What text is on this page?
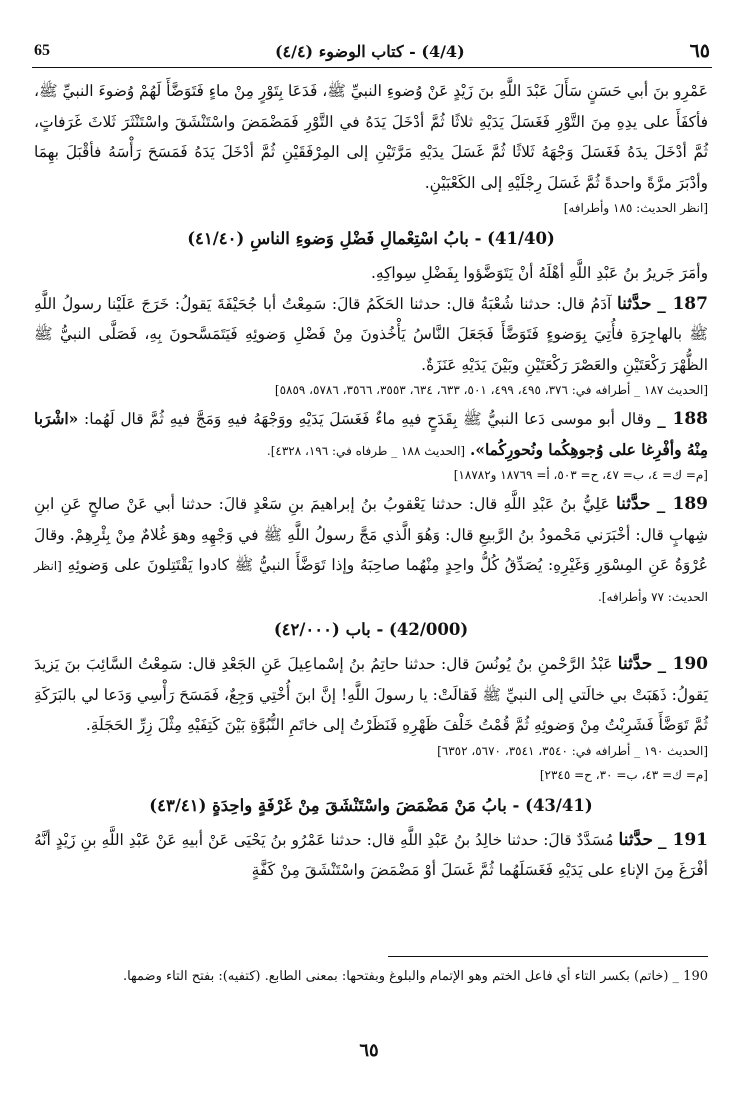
٦٥
(4/4) - كتاب الوضوء (٤/٤)
65

عَمْرِو بنَ أبي حَسَنٍ سَأَلَ عَبْدَ اللَّهِ بنَ زَيْدٍ عَنْ وُضوءِ النبيِّ ﷺ، فَدَعَا بِتَوْرٍ مِنْ ماءٍ فَتَوَضَّأَ لَهُمْ وُضوءَ النبيِّ ﷺ، فأكفَأَ على يدِهِ مِنَ التَّوْرِ فَغَسَلَ يَدَيْهِ ثلاثًا ثُمَّ أدْخَلَ يَدَهُ في التَّوْرِ فَمَضْمَضَ واسْتَنْشَقَ واسْتَنْثَرَ ثَلاثَ غَرَفاتٍ، ثُمَّ أدْخَلَ يدَهُ فَغَسَلَ وَجْهَهُ ثَلاثًا ثُمَّ غَسَلَ يدَيْهِ مَرَّتَيْنِ إلى المِرْفَقَيْنِ ثُمَّ أدْخَلَ يَدَهُ فَمَسَحَ رَأْسَهُ فأقْبَلَ بهِمَا وأدْبَرَ مرَّةً واحدةً ثُمَّ غَسَلَ رِجْلَيْهِ إلى الكَعْبَيْنِ.

[انظر الحديث: ١٨٥ وأطرافه]

(41/40) - بابُ اسْتِعْمالِ فَضْلِ وَضوءِ الناسِ (٤١/٤٠)

وأمَرَ جَريرُ بنُ عَبْدِ اللَّهِ أهْلَهُ أنْ يَتَوَضَّؤوا بِفَضْلِ سِواكِهِ.

187 _ حدَّثنا آدَمُ قال: حدثنا شُعْبَةُ قال: حدثنا الحَكَمُ قالَ: سَمِعْتُ أبا جُحَيْفَةَ يَقولُ: خَرَجَ عَلَيْنا رسولُ اللَّهِ ﷺ بالهاجِرَةِ فأُتِيَ بِوَضوءٍ فَتَوَضَّأَ فَجَعَلَ النَّاسُ يَأْخُذونَ مِنْ فَضْلِ وَضوئِهِ فَيَتَمَسَّحونَ بِهِ، فَصَلَّى النبيُّ ﷺ الظُّهْرَ رَكْعَتَيْنِ والعَصْرَ رَكْعَتَيْنِ وبَيْنَ يَدَيْهِ عَنَزَةٌ.

[الحديث ١٨٧ _ أطرافه في: ٣٧٦، ٤٩٥، ٤٩٩، ٥٠١، ٦٣٣، ٦٣٤، ٣٥٥٣، ٣٥٦٦، ٥٧٨٦، ٥٨٥٩]

188 _ وقال أبو موسى دَعا النبيُّ ﷺ بِقَدَحٍ فيهِ ماءٌ فَغَسَلَ يَدَيْهِ ووَجْهَهُ فيهِ وَمَجَّ فيهِ ثُمَّ قال لَهُما: «اشْرَبا مِنْهُ وأفْرِغا على وُجوهِكُما ونُحورِكُما». [الحديث ١٨٨ _ طرفاه في: ١٩٦، ٤٣٢٨].

[م= ك= ٤، ب= ٤٧، ح= ٥٠٣، أ= ١٨٧٦٩ و١٨٧٨٢]

189 _ حدَّثنا عَلِيُّ بنُ عَبْدِ اللَّهِ قال: حدثنا يَعْقوبُ بنُ إبراهيمَ بنِ سَعْدٍ قالَ: حدثنا أبي عَنْ صالحٍ عَنِ ابنِ شِهابٍ قال: أخْبَرَني مَحْمودُ بنُ الرَّبيعِ قال: وَهُوَ الَّذي مَجَّ رسولُ اللَّهِ ﷺ في وَجْهِهِ وهوَ غُلامٌ مِنْ بِئْرِهِمْ. وقالَ عُرْوَةُ عَنِ المِسْوَرِ وَغَيْرِهِ: يُصَدِّقُ كُلُّ واحِدٍ مِنْهُما صاحِبَهُ وإذا تَوَضَّأَ النبيُّ ﷺ كادوا يَقْتَتِلونَ على وَضوئِهِ [انظر الحديث: ٧٧ وأطرافه].

(42/000) - باب (٤٢/٠٠٠)

190 _ حدَّثنا عَبْدُ الرَّحْمنِ بنُ يُونُسَ قال: حدثنا حاتِمُ بنُ إسْماعِيلَ عَنِ الجَعْدِ قال: سَمِعْتُ السَّائِبَ بنَ يَزيدَ يَقولُ: ذَهَبَتْ بي خالَتي إلى النبيِّ ﷺ فَقالَتْ: يا رسولَ اللَّهِ! إنَّ ابنَ أُخْتِي وَجِعٌ، فَمَسَحَ رَأْسِي وَدَعا لي بالبَرَكَةِ ثُمَّ تَوَضَّأَ فَشَرِبْتُ مِنْ وَضوئِهِ ثُمَّ قُمْتُ خَلْفَ ظَهْرِهِ فَنَظَرْتُ إلى خاتَمِ النُّبُوَّةِ بَيْنَ كَتِفَيْهِ مِثْلَ زِرِّ الحَجَلَةِ.

[الحديث ١٩٠ _ أطرافه في: ٣٥٤٠، ٣٥٤١، ٥٦٧٠، ٦٣٥٢]

[م= ك= ٤٣، ب= ٣٠، ح= ٢٣٤٥]

(43/41) - بابُ مَنْ مَضْمَضَ واسْتَنْشَقَ مِنْ غَرْفَةٍ واحِدَةٍ (٤٣/٤١)

191 _ حدَّثنا مُسَدَّدٌ قالَ: حدثنا خالِدُ بنُ عَبْدِ اللَّهِ قال: حدثنا عَمْرُو بنُ يَحْيَى عَنْ أبيهِ عَنْ عَبْدِ اللَّهِ بنِ زَيْدٍ أنَّهُ أفْرَغَ مِنَ الإناءِ على يَدَيْهِ فَغَسَلَهُما ثُمَّ غَسَلَ أوْ مَضْمَضَ واسْتَنْشَقَ مِنْ كَفَّةٍ

190 _ (خاتم) بكسر التاء أي فاعل الختم وهو الإتمام والبلوغ وبفتحها: بمعنى الطابع. (كتفيه): بفتح التاء وضمها.
٦٥
